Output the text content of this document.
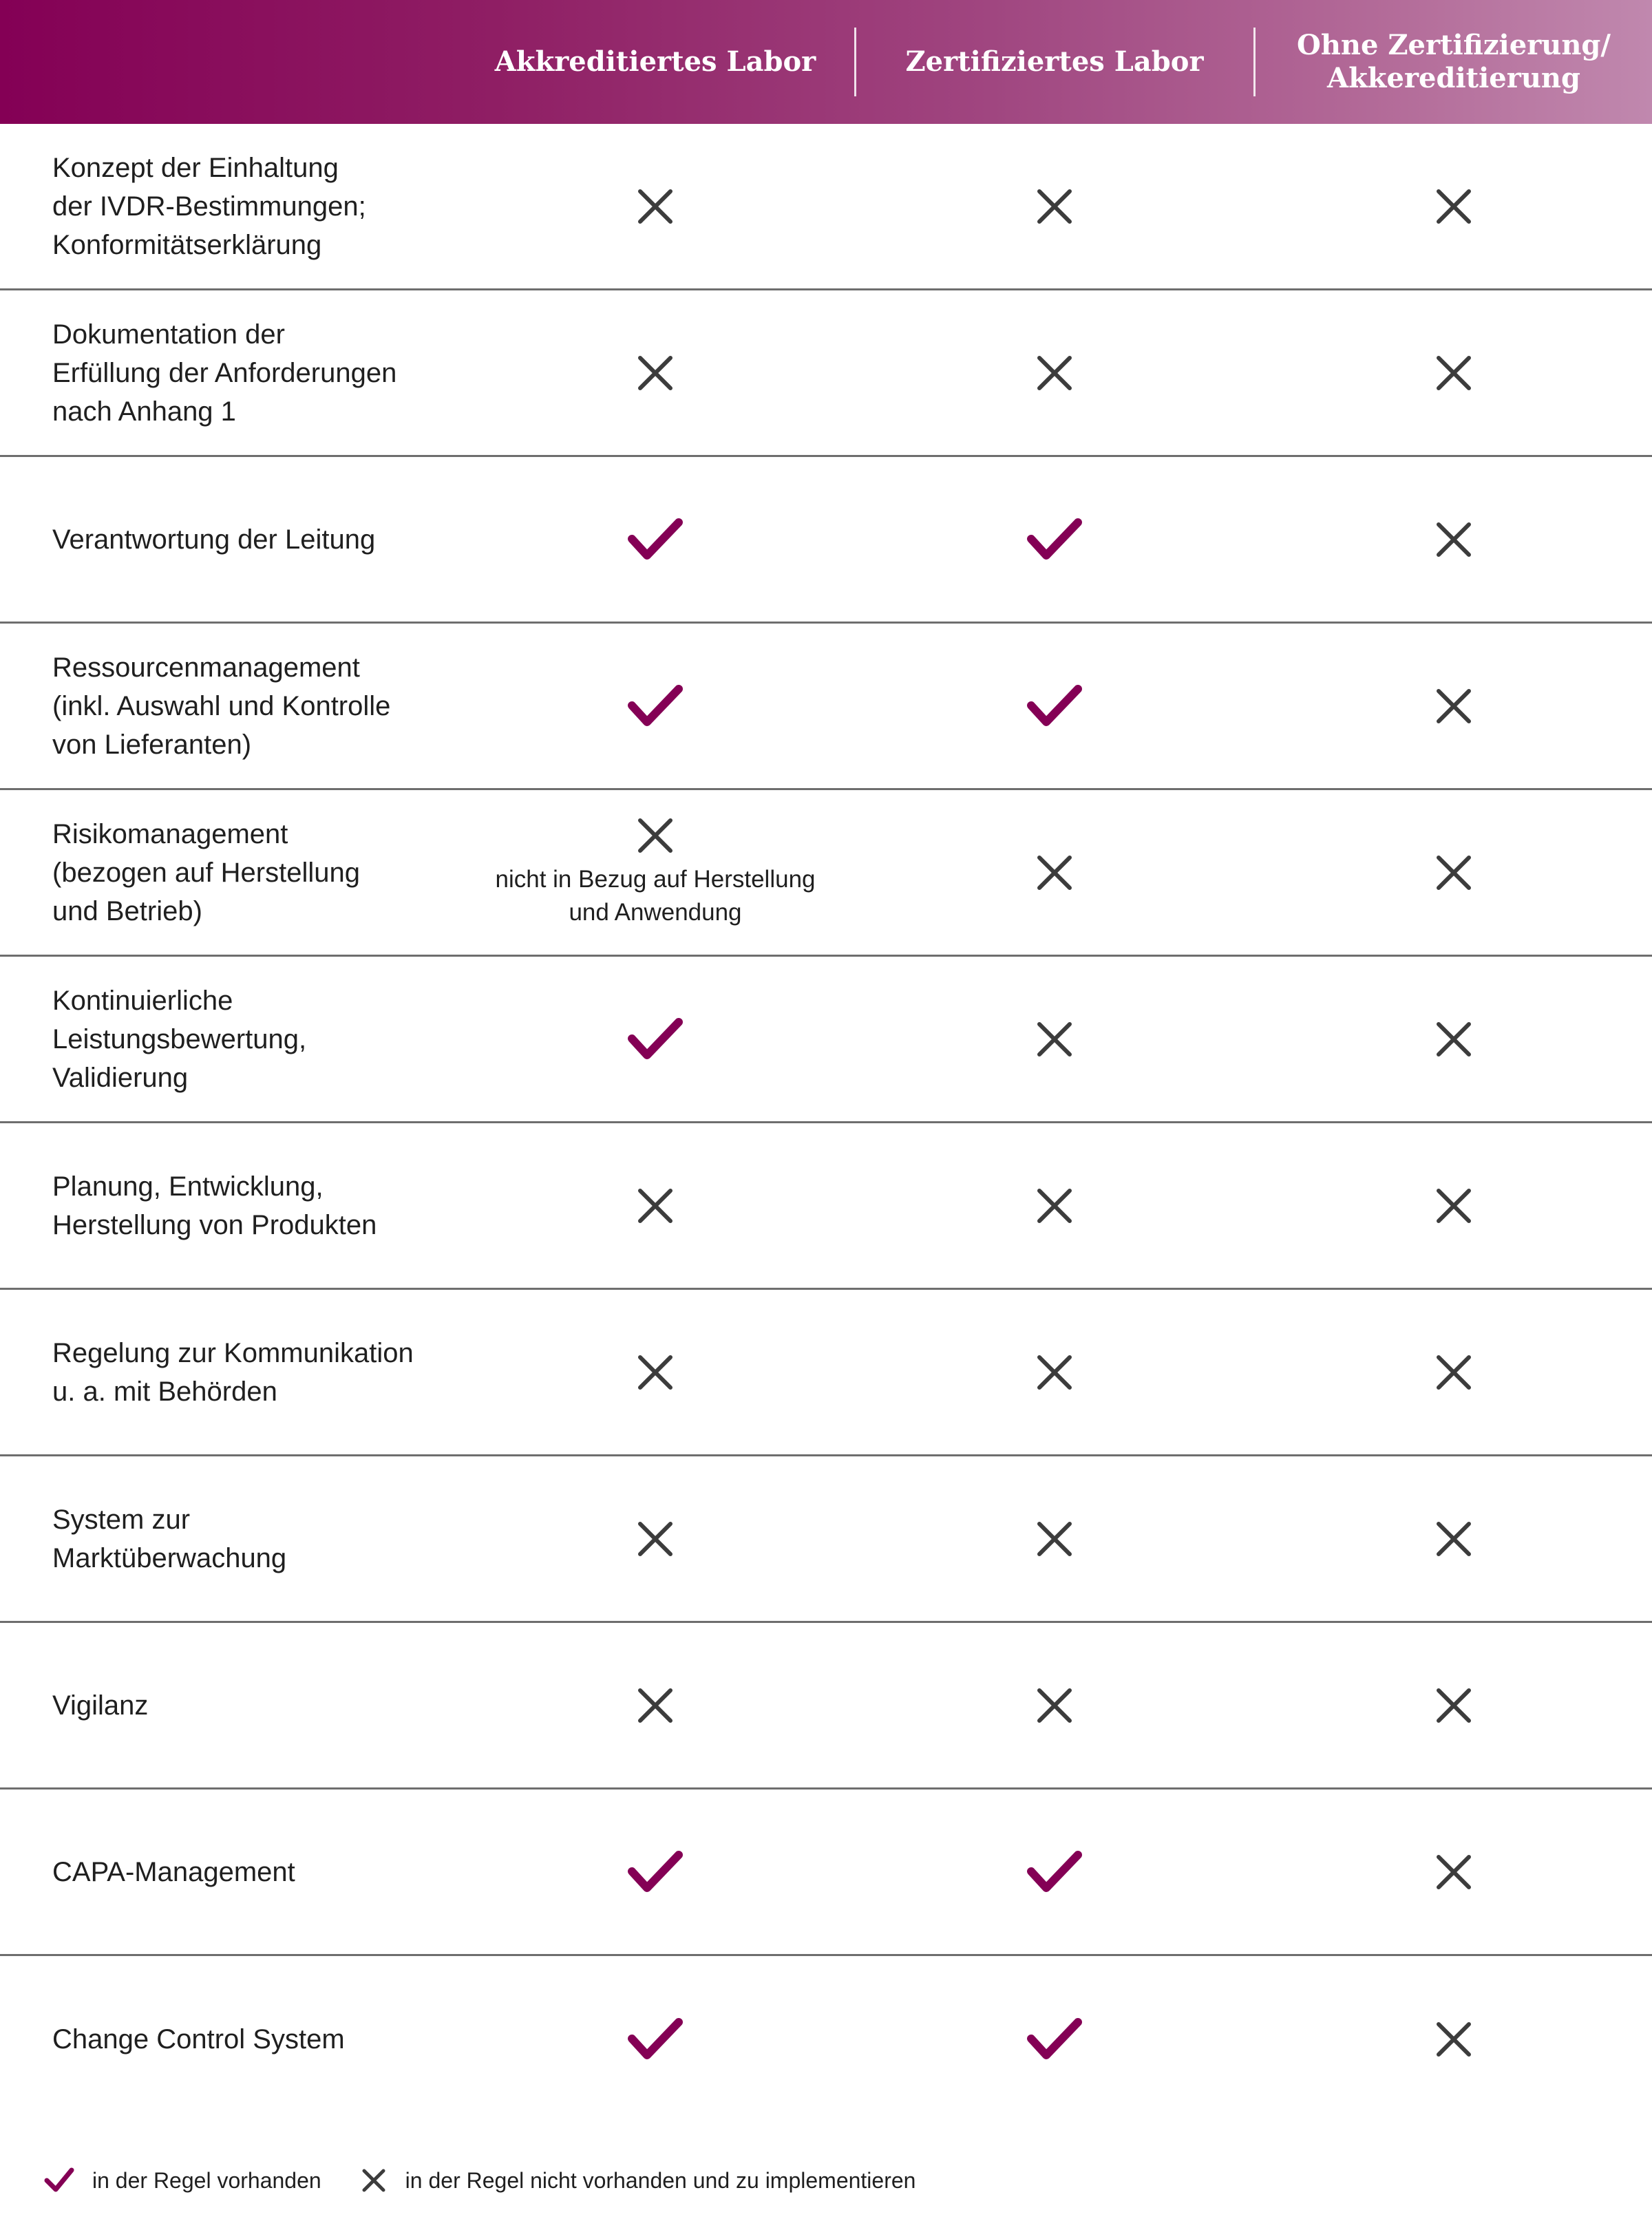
Akkreditiertes Labor	Zertifiziertes Labor
Ohne Zertifizierung/ Akkereditierung
Konzept der Einhaltung
der IVDR-Bestimmungen;
Konformitätserklärung
Dokumentation der
Erfüllung der Anforderungen
nach Anhang 1
Verantwortung der Leitung
Ressourcenmanagement
(inkl. Auswahl und Kontrolle
von Lieferanten)
Risikomanagement
(bezogen auf Herstellung
und Betrieb)
nicht in Bezug auf Herstellung
und Anwendung
Kontinuierliche
Leistungsbewertung,
Validierung
Planung, Entwicklung,
Herstellung von Produkten
Regelung zur Kommunikation
u. a. mit Behörden
System zur
Marktüberwachung
Vigilanz
CAPA-Management
Change Control System
in der Regel vorhanden	in der Regel nicht vorhanden und zu implementieren
